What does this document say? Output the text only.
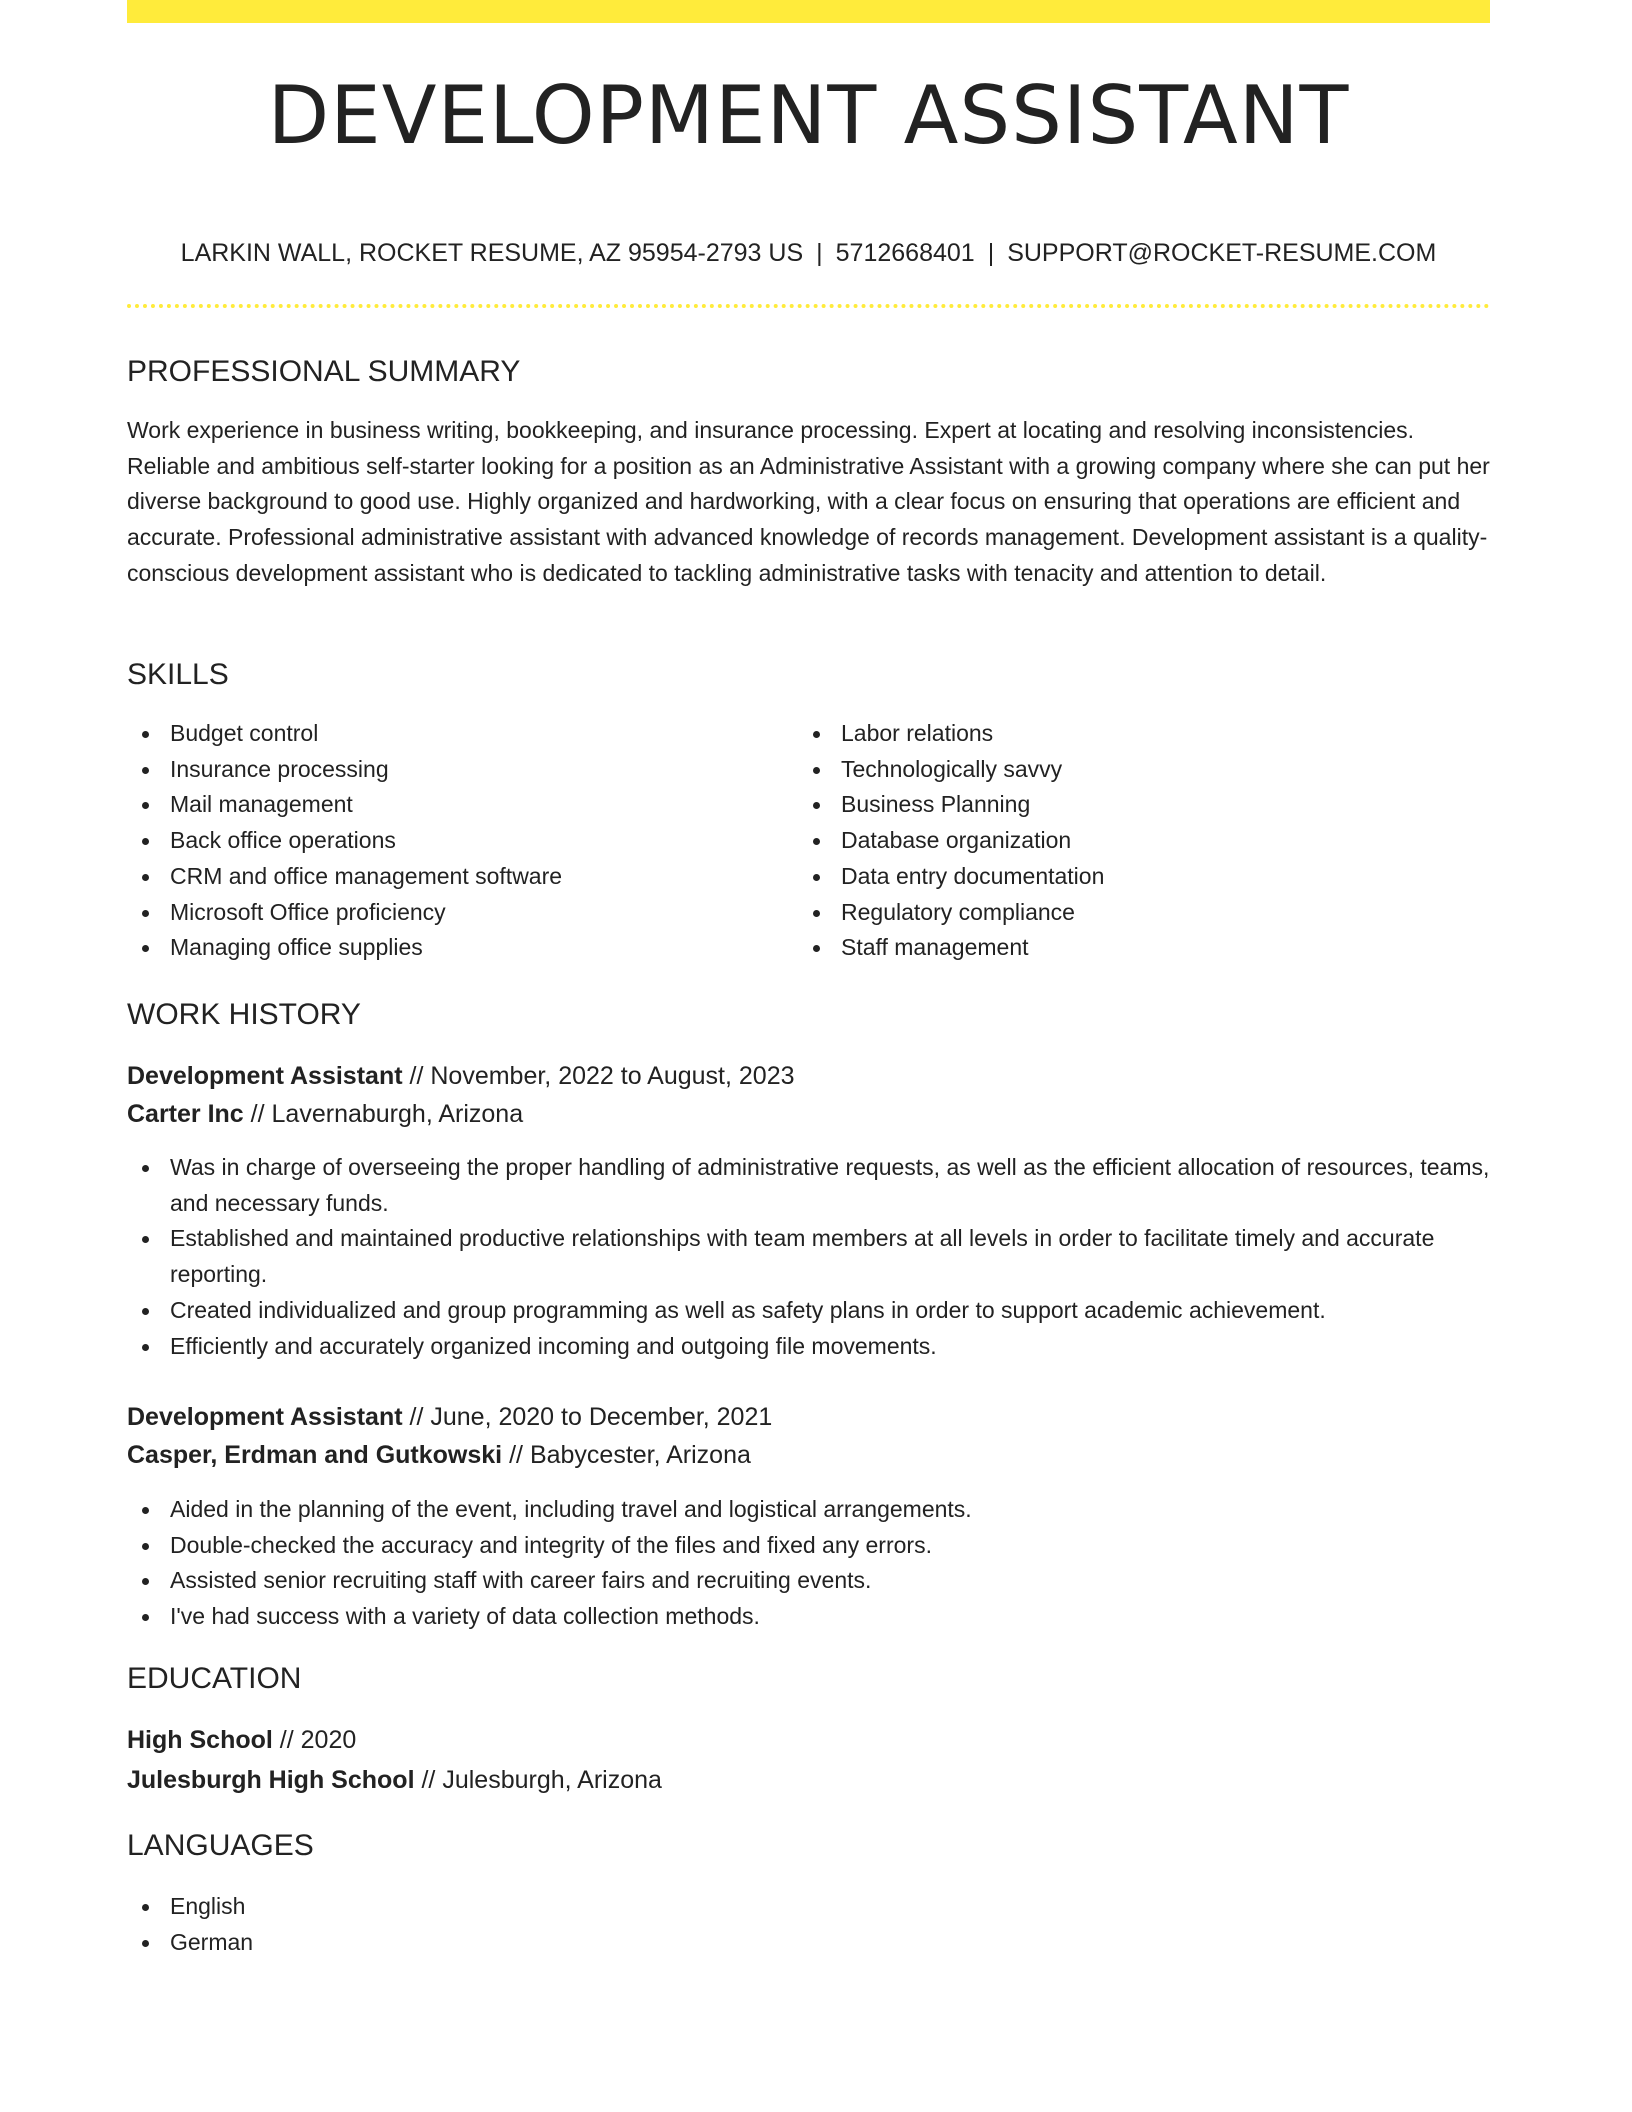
DEVELOPMENT ASSISTANT
LARKIN WALL, ROCKET RESUME, AZ 95954-2793 US | 5712668401 | SUPPORT@ROCKET-RESUME.COM
PROFESSIONAL SUMMARY

Work experience in business writing, bookkeeping, and insurance processing. Expert at locating and resolving inconsistencies. Reliable and ambitious self-starter looking for a position as an Administrative Assistant with a growing company where she can put her diverse background to good use. Highly organized and hardworking, with a clear focus on ensuring that operations are efficient and accurate. Professional administrative assistant with advanced knowledge of records management. Development assistant is a quality-conscious development assistant who is dedicated to tackling administrative tasks with tenacity and attention to detail.

SKILLS
Budget control
Insurance processing
Mail management
Back office operations
CRM and office management software
Microsoft Office proficiency
Managing office supplies
Labor relations
Technologically savvy
Business Planning
Database organization
Data entry documentation
Regulatory compliance
Staff management
WORK HISTORY
Development Assistant // November, 2022 to August, 2023
Carter Inc // Lavernaburgh, Arizona
Was in charge of overseeing the proper handling of administrative requests, as well as the efficient allocation of resources, teams, and necessary funds.
Established and maintained productive relationships with team members at all levels in order to facilitate timely and accurate reporting.
Created individualized and group programming as well as safety plans in order to support academic achievement.
Efficiently and accurately organized incoming and outgoing file movements.
Development Assistant // June, 2020 to December, 2021
Casper, Erdman and Gutkowski // Babycester, Arizona
Aided in the planning of the event, including travel and logistical arrangements.
Double-checked the accuracy and integrity of the files and fixed any errors.
Assisted senior recruiting staff with career fairs and recruiting events.
I've had success with a variety of data collection methods.
EDUCATION
High School // 2020
Julesburgh High School // Julesburgh, Arizona
LANGUAGES
English
German
